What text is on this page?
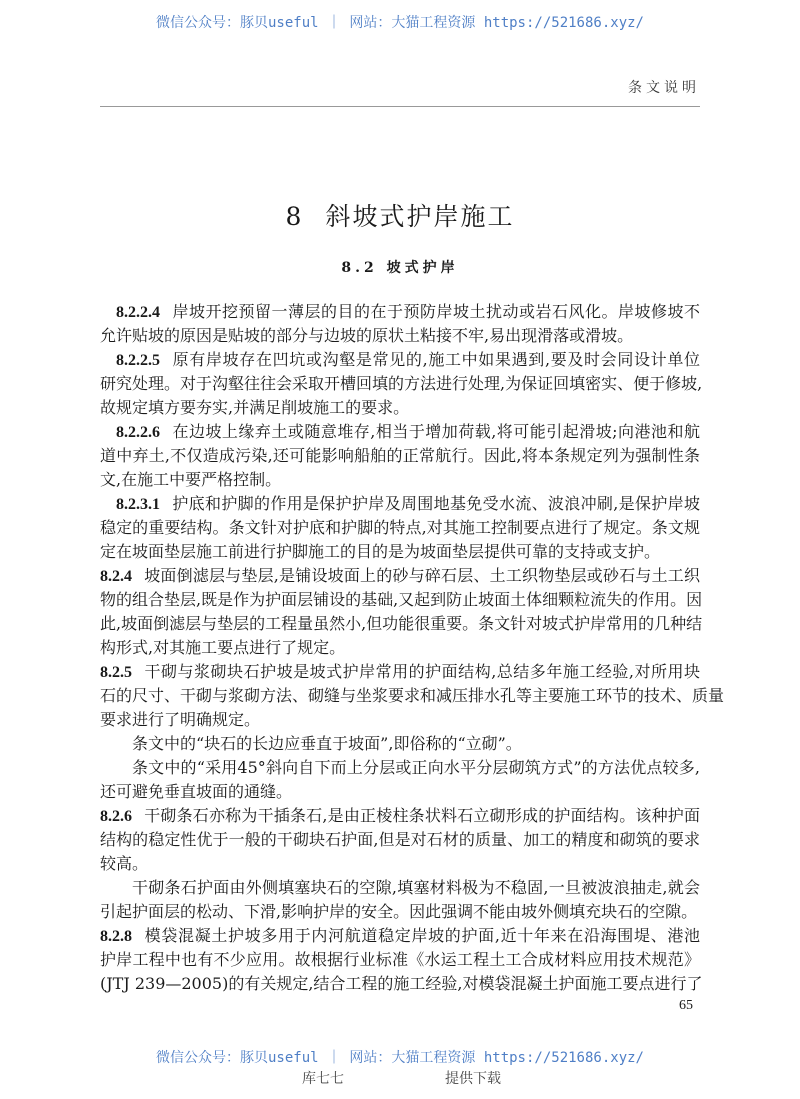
微信公众号：豚贝useful ｜ 网站：大猫工程资源 https://521686.xyz/
条文说明
8 斜坡式护岸施工
8.2 坡式护岸
8.2.2.4 岸坡开挖预留一薄层的目的在于预防岸坡土扰动或岩石风化。岸坡修坡不
允许贴坡的原因是贴坡的部分与边坡的原状土粘接不牢,易出现滑落或滑坡。
8.2.2.5 原有岸坡存在凹坑或沟壑是常见的,施工中如果遇到,要及时会同设计单位
研究处理。对于沟壑往往会采取开槽回填的方法进行处理,为保证回填密实、便于修坡,
故规定填方要夯实,并满足削坡施工的要求。
8.2.2.6 在边坡上缘弃土或随意堆存,相当于增加荷载,将可能引起滑坡;向港池和航
道中弃土,不仅造成污染,还可能影响船舶的正常航行。因此,将本条规定列为强制性条
文,在施工中要严格控制。
8.2.3.1 护底和护脚的作用是保护护岸及周围地基免受水流、波浪冲刷,是保护岸坡
稳定的重要结构。条文针对护底和护脚的特点,对其施工控制要点进行了规定。条文规
定在坡面垫层施工前进行护脚施工的目的是为坡面垫层提供可靠的支持或支护。
8.2.4 坡面倒滤层与垫层,是铺设坡面上的砂与碎石层、土工织物垫层或砂石与土工织
物的组合垫层,既是作为护面层铺设的基础,又起到防止坡面土体细颗粒流失的作用。因
此,坡面倒滤层与垫层的工程量虽然小,但功能很重要。条文针对坡式护岸常用的几种结
构形式,对其施工要点进行了规定。
8.2.5 干砌与浆砌块石护坡是坡式护岸常用的护面结构,总结多年施工经验,对所用块
石的尺寸、干砌与浆砌方法、砌缝与坐浆要求和减压排水孔等主要施工环节的技术、质量
要求进行了明确规定。
条文中的“块石的长边应垂直于坡面”,即俗称的“立砌”。
条文中的“采用45°斜向自下而上分层或正向水平分层砌筑方式”的方法优点较多,
还可避免垂直坡面的通缝。
8.2.6 干砌条石亦称为干插条石,是由正棱柱条状料石立砌形成的护面结构。该种护面
结构的稳定性优于一般的干砌块石护面,但是对石材的质量、加工的精度和砌筑的要求
较高。
干砌条石护面由外侧填塞块石的空隙,填塞材料极为不稳固,一旦被波浪抽走,就会
引起护面层的松动、下滑,影响护岸的安全。因此强调不能由坡外侧填充块石的空隙。
8.2.8 模袋混凝土护坡多用于内河航道稳定岸坡的护面,近十年来在沿海围堤、港池
护岸工程中也有不少应用。故根据行业标准《水运工程土工合成材料应用技术规范》
(JTJ 239—2005)的有关规定,结合工程的施工经验,对模袋混凝土护面施工要点进行了
65
微信公众号：豚贝useful ｜ 网站：大猫工程资源 https://521686.xyz/
库七七	提供下载
